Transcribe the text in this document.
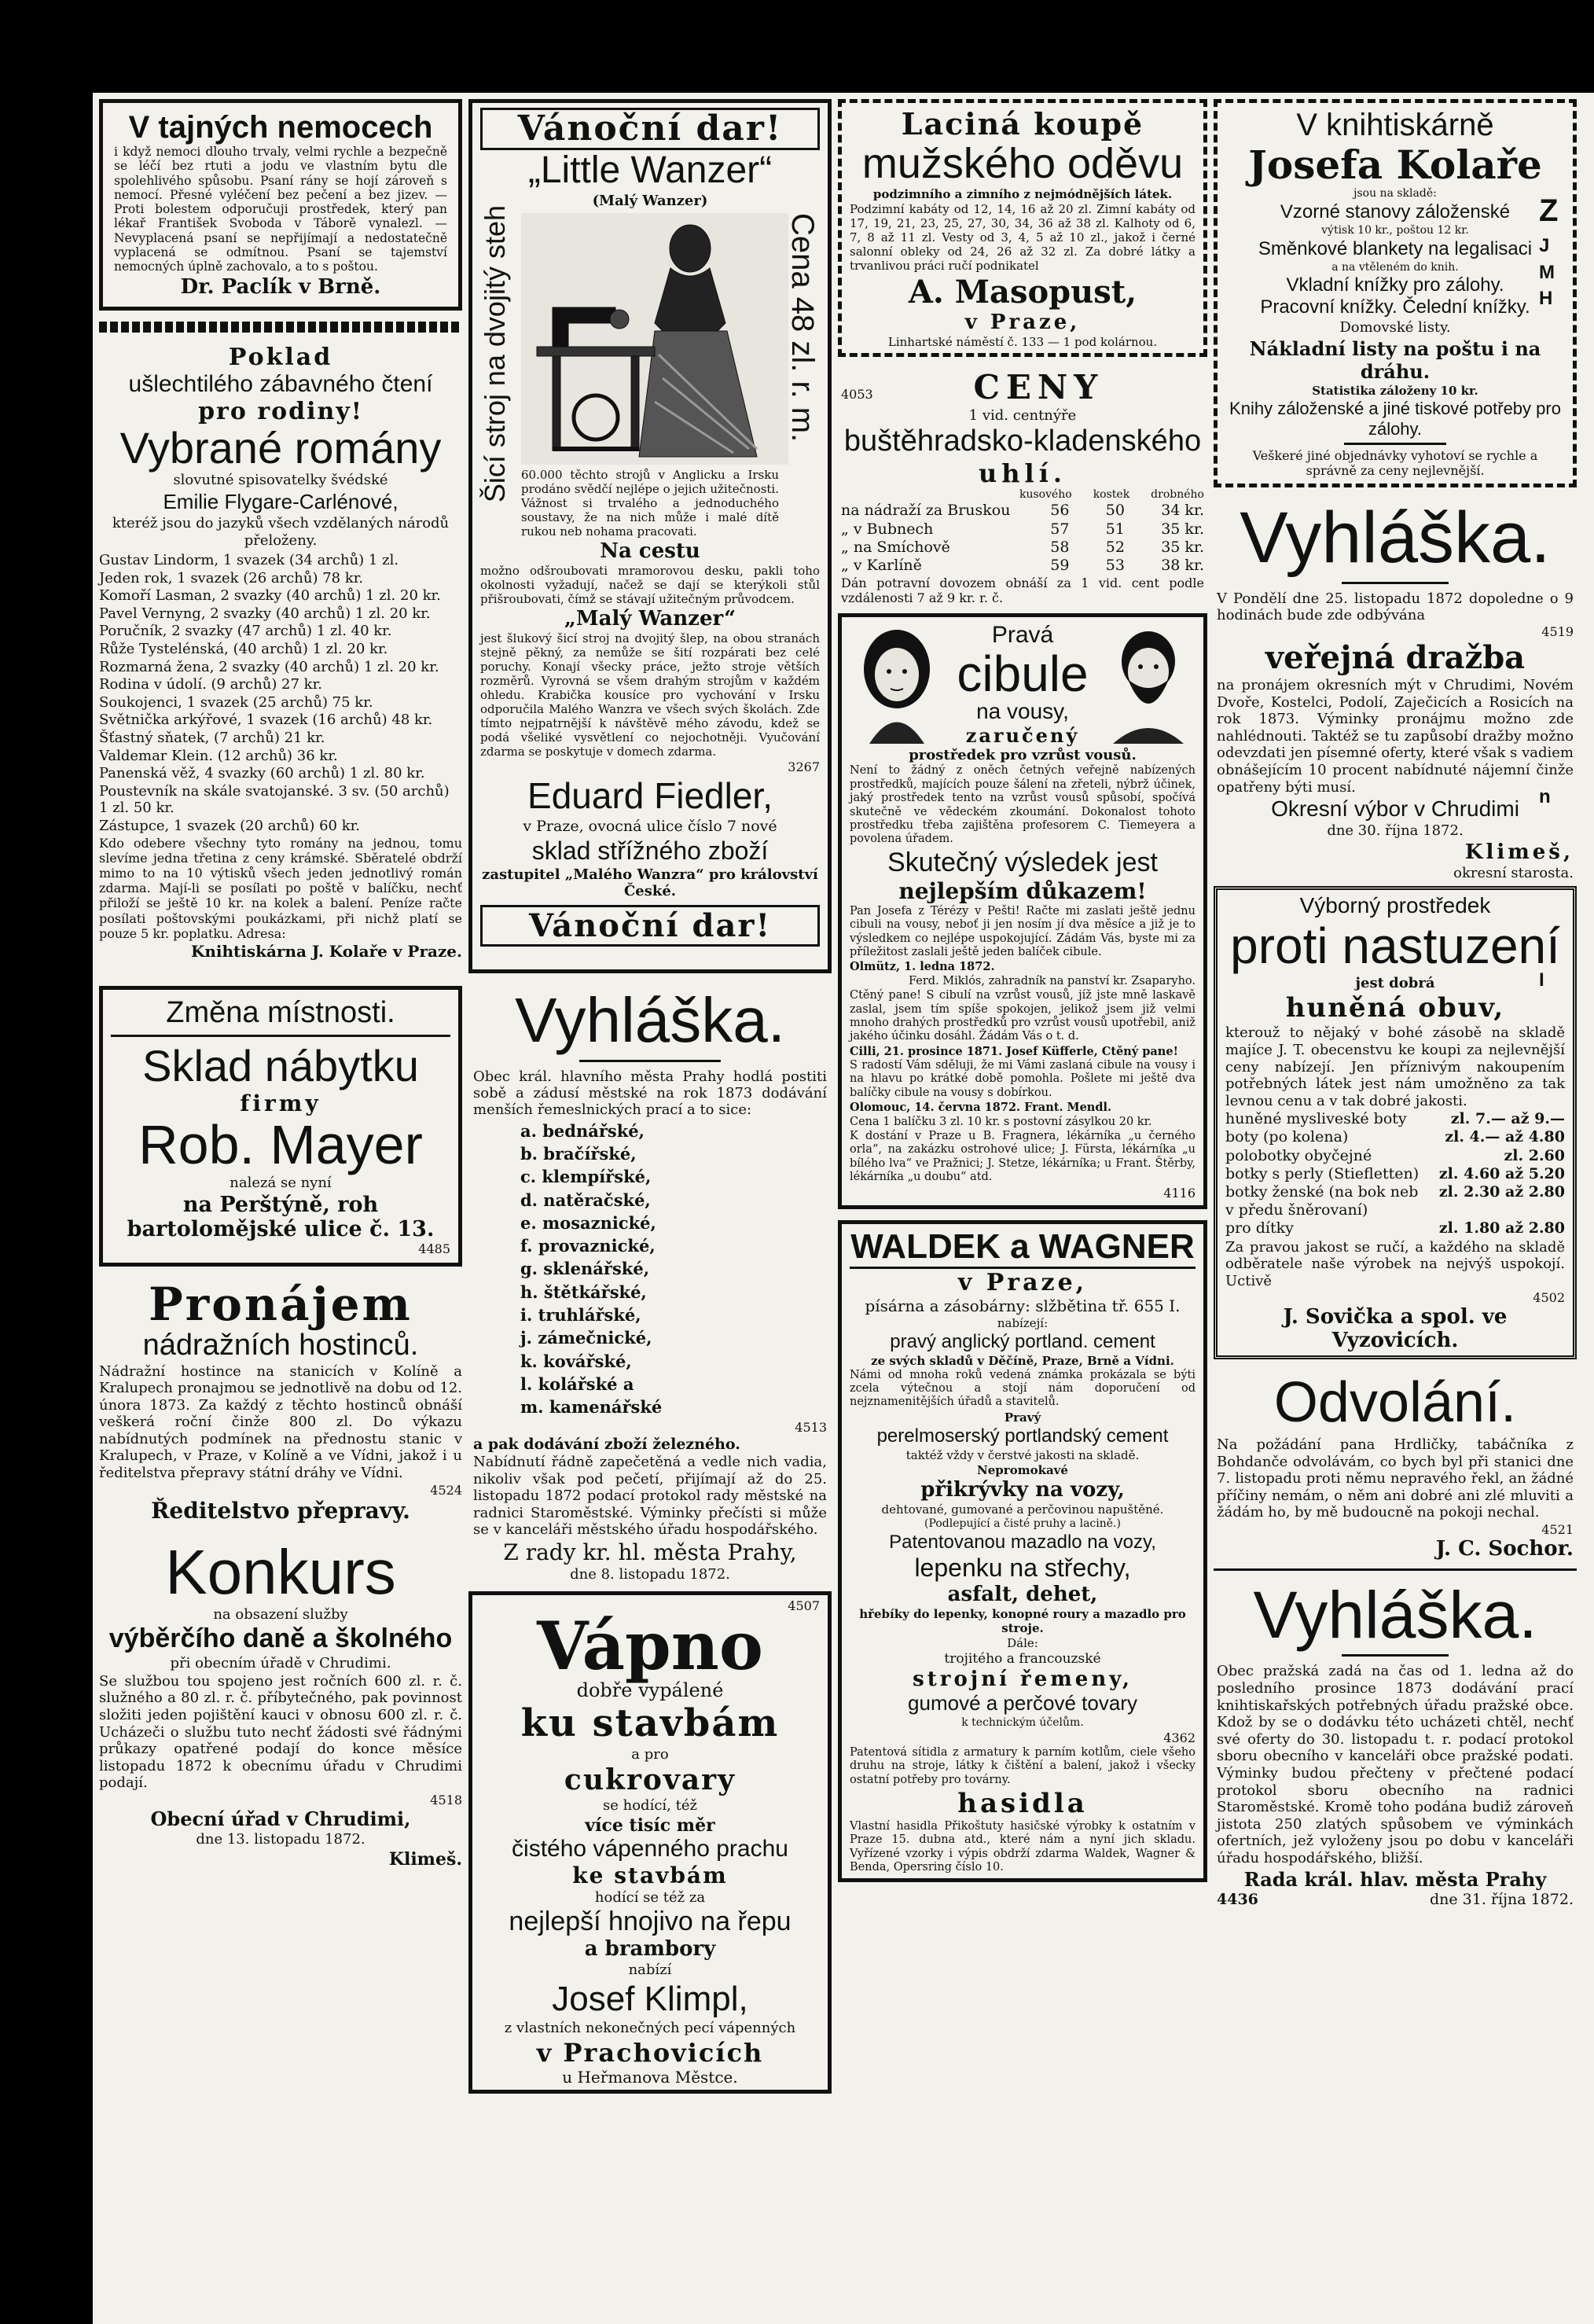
V tajných nemocech
i když nemoci dlouho trvaly, velmi rychle a bezpečně se léčí bez rtuti a jodu ve vlastním bytu dle spolehlivého spůsobu. Psaní rány se hojí zároveň s nemocí. Přesné vyléčení bez pečení a bez jizev. — Proti bolestem odporučuji prostředek, který pan lékař František Svoboda v Táborě vynalezl. — Nevyplacená psaní se nepřijímají a nedostatečně vyplacená se odmítnou. Psaní se tajemství nemocných úplně zachovalo, a to s poštou.
Dr. Paclík v Brně.
Poklad
ušlechtilého zábavného čtení
pro rodiny!
Vybrané romány
slovutné spisovatelky švédské
Emilie Flygare-Carlénové,
kteréž jsou do jazyků všech vzdělaných národů přeloženy.
Gustav Lindorm, 1 svazek (34 archů) 1 zl.
Jeden rok, 1 svazek (26 archů) 78 kr.
Komoří Lasman, 2 svazky (40 archů) 1 zl. 20 kr.
Pavel Vernyng, 2 svazky (40 archů) 1 zl. 20 kr.
Poručník, 2 svazky (47 archů) 1 zl. 40 kr.
Růže Tystelénská, (40 archů) 1 zl. 20 kr.
Rozmarná žena, 2 svazky (40 archů) 1 zl. 20 kr.
Rodina v údolí. (9 archů) 27 kr.
Soukojenci, 1 svazek (25 archů) 75 kr.
Světnička arkýřové, 1 svazek (16 archů) 48 kr.
Šťastný sňatek, (7 archů) 21 kr.
Valdemar Klein. (12 archů) 36 kr.
Panenská věž, 4 svazky (60 archů) 1 zl. 80 kr.
Poustevník na skále svatojanské. 3 sv. (50 archů) 1 zl. 50 kr.
Zástupce, 1 svazek (20 archů) 60 kr.
Kdo odebere všechny tyto romány na jednou, tomu slevíme jedna třetina z ceny krámské. Sběratelé obdrží mimo to na 10 výtisků všech jeden jednotlivý román zdarma. Mají-li se posílati po poště v balíčku, nechť přiloží se ještě 10 kr. na kolek a balení. Peníze račte posílati poštovskými poukázkami, při nichž platí se pouze 5 kr. poplatku. Adresa:
Knihtiskárna J. Kolaře v Praze.
Změna místnosti.
Sklad nábytku
firmy
Rob. Mayer
nalezá se nyní
na Perštýně, roh bartolomějské ulice č. 13.
4485
Pronájem
nádražních hostinců.
Nádražní hostince na stanicích v Kolíně a Kralupech pronajmou se jednotlivě na dobu od 12. února 1873. Za každý z těchto hostinců obnáší veškerá roční činže 800 zl. Do výkazu nabídnutých podmínek na přednostu stanic v Kralupech, v Praze, v Kolíně a ve Vídni, jakož i u ředitelstva přepravy státní dráhy ve Vídni.
4524
Ředitelstvo přepravy.
Konkurs
na obsazení služby
výběrčího daně a školného
při obecním úřadě v Chrudimi.
Se službou tou spojeno jest ročních 600 zl. r. č. služného a 80 zl. r. č. příbytečného, pak povinnost složiti jeden pojištění kauci v obnosu 600 zl. r. č. Ucházeči o službu tuto nechť žádosti své řádnými průkazy opatřené podají do konce měsíce listopadu 1872 k obecnímu úřadu v Chrudimi podají.
4518
Obecní úřad v Chrudimi,
dne 13. listopadu 1872.
Klimeš.
Vánoční dar!
Šicí stroj na dvojitý steh	Cena 48 zl. r. m.
„Little Wanzer“
(Malý Wanzer)
60.000 těchto strojů v Anglicku a Irsku prodáno svědčí nejlépe o jejich užitečnosti. Vážnost si trvalého a jednoduchého soustavy, že na nich může i malé dítě rukou neb nohama pracovati.
Na cestu
možno odšroubovati mramorovou desku, pakli toho okolnosti vyžadují, načež se dají se kterýkoli stůl přišroubovati, čímž se stávají užitečným průvodcem.
„Malý Wanzer“
jest šlukový šicí stroj na dvojitý šlep, na obou stranách stejně pěkný, za nemůže se šití rozpárati bez celé poruchy. Konají všecky práce, ježto stroje větších rozměrů. Vyrovná se všem drahým strojům v každém ohledu. Krabička kousíce pro vychování v Irsku odporučila Malého Wanzra ve všech svých školách. Zde tímto nejpatrnější k návštěvě mého závodu, kdež se podá všeliké vysvětlení co nejochotněji. Vyučování zdarma se poskytuje v domech zdarma.
3267
Eduard Fiedler,
v Praze, ovocná ulice číslo 7 nové
sklad střížného zboží
zastupitel „Malého Wanzra“ pro království České.
Vánoční dar!
Vyhláška.
Obec král. hlavního města Prahy hodlá postiti sobě a zádusí městské na rok 1873 dodávání menších řemeslnických prací a to sice:
a. bednářské,
b. bračířské,
c. klempířské,
d. natěračské,
e. mosaznické,
f. provaznické,
g. sklenářské,
h. štětkářské,
i. truhlářské,
j. zámečnické,
k. kovářské,
l. kolářské a
m. kamenářské
4513
a pak dodávání zboží železného.
Nabídnutí řádně zapečetěná a vedle nich vadia, nikoliv však pod pečetí, přijímají až do 25. listopadu 1872 podací protokol rady městské na radnici Staroměstské. Výminky přečísti si může se v kanceláři městského úřadu hospodářského.
Z rady kr. hl. města Prahy,
dne 8. listopadu 1872.
4507
Vápno
dobře vypálené
ku stavbám
a pro
cukrovary
se hodící, též
více tisíc měr
čistého vápenného prachu
ke stavbám
hodící se též za
nejlepší hnojivo na řepu
a brambory
nabízí
Josef Klimpl,
z vlastních nekonečných pecí vápenných
v Prachovicích
u Heřmanova Městce.
Laciná koupě
mužského oděvu
podzimního a zimního z nejmódnějších látek.
Podzimní kabáty od 12, 14, 16 až 20 zl. Zimní kabáty od 17, 19, 21, 23, 25, 27, 30, 34, 36 až 38 zl. Kalhoty od 6, 7, 8 až 11 zl. Vesty od 3, 4, 5 až 10 zl., jakož i černé salonní obleky od 24, 26 až 32 zl. Za dobré látky a trvanlivou práci ručí podnikatel
A. Masopust,
v Praze,
Linhartské náměstí č. 133 — 1 pod kolárnou.
4053	CENY
1 vid. centnýře
buštěhradsko-kladenského
uhlí.
kusového kostek drobného
na nádraží za Bruskou	56 50 34 kr.
„ v Bubnech	57 51 35 kr.
„ na Smíchově	58 52 35 kr.
„ v Karlíně	59 53 38 kr.
Dán potravní dovozem obnáší za 1 vid. cent podle vzdálenosti 7 až 9 kr. r. č.
Pravá
cibule
na vousy,
zaručený
prostředek pro vzrůst vousů.
Není to žádný z oněch četných veřejně nabízených prostředků, majících pouze šálení na zřeteli, nýbrž účinek, jaký prostředek tento na vzrůst vousů spůsobí, spočívá skutečně ve vědeckém zkoumání. Dokonalost tohoto prostředku třeba zajištěna profesorem C. Tiemeyera a povolena úřadem.
Skutečný výsledek jest
nejlepším důkazem!
Pan Josefa z Térézy v Pešti! Račte mi zaslati ještě jednu cibuli na vousy, neboť ji jen nosím jí dva měsíce a již je to výsledkem co nejlépe uspokojující. Zádám Vás, byste mi za příležitost zaslali ještě jeden balíček cibule.
Olmütz, 1. ledna 1872.
Ferd. Miklós, zahradník na panství kr. Zsaparyho.
Ctěný pane! S cibulí na vzrůst vousů, jíž jste mně laskavě zaslal, jsem tím spíše spokojen, jelikož jsem již velmi mnoho drahých prostředků pro vzrůst vousů upotřebil, aniž jakého účinku dosáhl. Žádám Vás o t. d.
Cilli, 21. prosince 1871. Josef Küfferle, Ctěný pane!
S radostí Vám sděluji, že mi Vámi zaslaná cibule na vousy i na hlavu po krátké době pomohla. Pošlete mi ještě dva balíčky cibule na vousy s dobírkou.
Olomouc, 14. června 1872. Frant. Mendl.
Cena 1 balíčku 3 zl. 10 kr. s postovní zásylkou 20 kr.
K dostání v Praze u B. Fragnera, lékárníka „u černého orla“, na zakázku ostrohové ulice; J. Fürsta, lékárníka „u bílého lva“ ve Pražnici; J. Stetze, lékárníka; u Frant. Štěrby, lékárníka „u doubu“ atd.
4116
WALDEK a WAGNER
v Praze,
písárna a zásobárny: slžbětina tř. 655 I.
nabízejí:
pravý anglický portland. cement
ze svých skladů v Děčíně, Praze, Brně a Vídni.
Námi od mnoha roků vedená známka prokázala se býti zcela výtečnou a stojí nám doporučení od nejznamenitějších úřadů a stavitelů.
Pravý
perelmoserský portlandský cement
taktéž vždy v čerstvé jakosti na skladě.
Nepromokavé
přikrývky na vozy,
dehtované, gumované a perčovinou napuštěné.
(Podlepující a čisté pruhy a lacině.)
Patentovanou mazadlo na vozy,
lepenku na střechy,
asfalt, dehet,
hřebíky do lepenky, konopné roury a mazadlo pro stroje.
Dále:
trojitého a francouzské
strojní řemeny,
gumové a perčové tovary
k technickým účelům.
4362
Patentová sítidla z armatury k parním kotlům, ciele všeho druhu na stroje, látky k čištění a balení, jakož i všecky ostatní potřeby pro továrny.
hasidla
Vlastní hasidla Přikoštuty hasičské výrobky k ostatním v Praze 15. dubna atd., které nám a nyní jich skladu. Vyřízené vzorky i výpis obdrží zdarma Waldek, Wagner & Benda, Opersring číslo 10.
V knihtiskárně
Josefa Kolaře
jsou na skladě:
Vzorné stanovy záloženské
výtisk 10 kr., poštou 12 kr.
Směnkové blankety na legalisaci
a na vtěleném do knih.
Vkladní knížky pro zálohy.
Pracovní knížky. Čelední knížky.
Domovské listy.
Nákladní listy na poštu i na dráhu.
Statistika záloženy 10 kr.
Knihy záloženské a jiné tiskové potřeby pro zálohy.
Veškeré jiné objednávky vyhotoví se rychle a správně za ceny nejlevnější.
Vyhláška.
V Pondělí dne 25. listopadu 1872 dopoledne o 9 hodinách bude zde odbývána
4519
veřejná dražba
na pronájem okresních mýt v Chrudimi, Novém Dvoře, Kostelci, Podolí, Zaječicích a Rosicích na rok 1873. Výminky pronájmu možno zde nahlédnouti. Taktéž se tu zapůsobí dražby možno odevzdati jen písemné oferty, které však s vadiem obnášejícím 10 procent nabídnuté nájemní činže opatřeny býti musí.
Okresní výbor v Chrudimi
dne 30. října 1872.
Klimeš,
okresní starosta.
Výborný prostředek
proti nastuzení
jest dobrá
huněná obuv,
kterouž to nějaký v bohé zásobě na skladě majíce J. T. obecenstvu ke koupi za nejlevnější ceny nabízejí. Jen příznivým nakoupením potřebných látek jest nám umožněno za tak levnou cenu a v tak dobré jakosti.
huněné mysliveské boty	zl. 7.— až 9.—
boty (po kolena)	zl. 4.— až 4.80
polobotky obyčejné	zl. 2.60
botky s perly (Stiefletten) zl. 4.60 až 5.20
botky ženské (na bok neb v předu šněrovaní)
zl. 2.30 až 2.80
pro dítky	zl. 1.80 až 2.80
Za pravou jakost se ručí, a každého na skladě odběratele naše výrobek na nejvýš uspokojí. Uctivě
4502
J. Sovička a spol. ve Vyzovicích.
Odvolání.
Na požádání pana Hrdličky, tabáčníka z Bohdanče odvolávám, co bych byl při stanici dne 7. listopadu proti němu nepravého řekl, an žádné příčiny nemám, o něm ani dobré ani zlé mluviti a žádám ho, by mě budoucně na pokoji nechal.
4521
J. C. Sochor.
Vyhláška.
Obec pražská zadá na čas od 1. ledna až do posledního prosince 1873 dodávání prací knihtiskařských potřebných úřadu pražské obce. Kdož by se o dodávku této ucházeti chtěl, nechť své oferty do 30. listopadu t. r. podací protokol sboru obecního v kanceláři obce pražské podati. Výminky budou přečteny v přečtené podací protokol sboru obecního na radnici Staroměstské. Kromě toho podána budiž zároveň jistota 250 zlatých spůsobem ve výminkách ofertních, jež vyloženy jsou po dobu v kanceláři úřadu hospodářského, bližší.
Rada král. hlav. města Prahy
4436	dne 31. října 1872.
Z
J
M
H
n
I
